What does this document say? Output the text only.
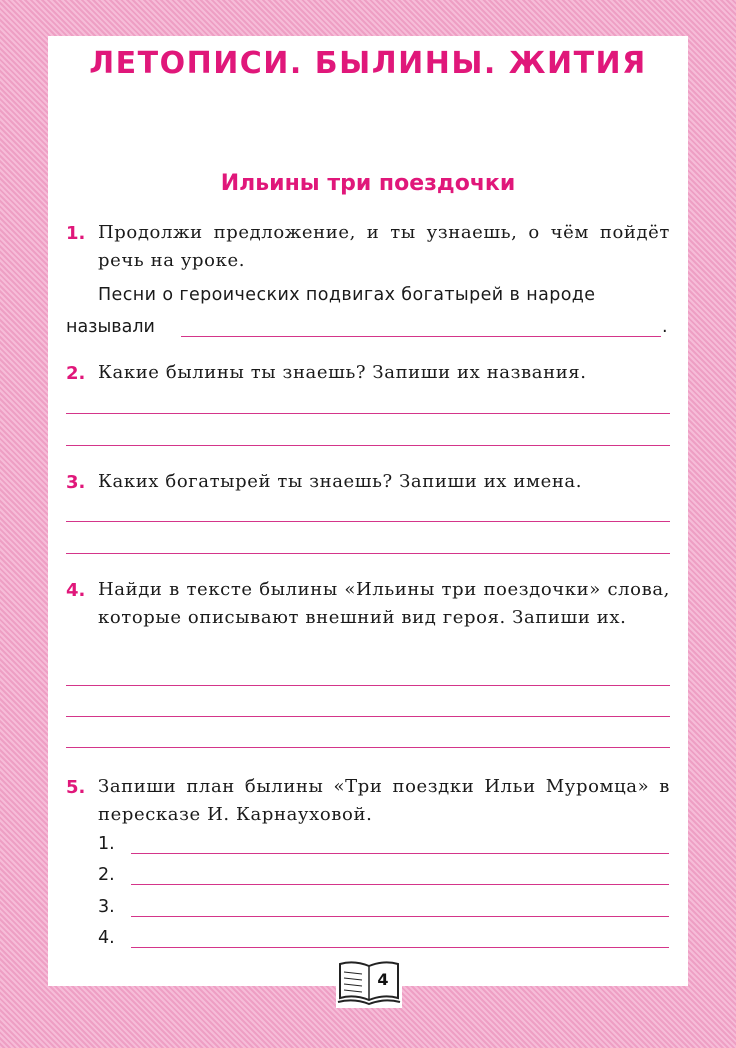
ЛЕТОПИСИ. БЫЛИНЫ. ЖИТИЯ
Ильины три поездочки
1. Продолжи предложение, и ты узнаешь, о чём пойдёт речь на уроке.
Песни о героических подвигах богатырей в народе
называли	.
2. Какие былины ты знаешь? Запиши их названия.
3. Каких богатырей ты знаешь? Запиши их имена.
4. Найди в тексте былины «Ильины три поездочки» слова, которые описывают внешний вид героя. Запиши их.
5. Запиши план былины «Три поездки Ильи Муромца» в пересказе И. Карнауховой.
1.
2.
3.
4.
4
